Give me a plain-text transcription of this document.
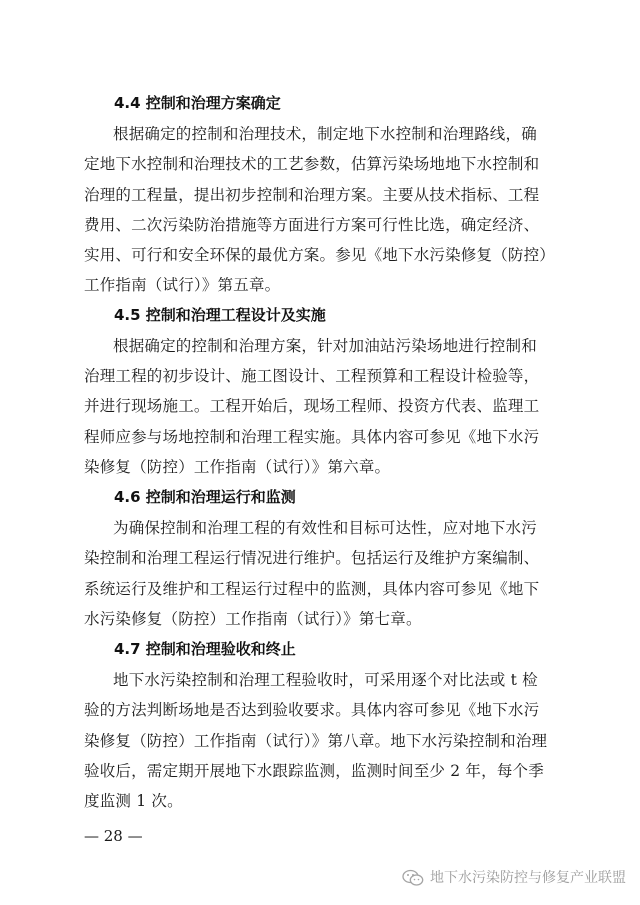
4.4 控制和治理方案确定
根据确定的控制和治理技术，制定地下水控制和治理路线，确
定地下水控制和治理技术的工艺参数，估算污染场地地下水控制和
治理的工程量，提出初步控制和治理方案。主要从技术指标、工程
费用、二次污染防治措施等方面进行方案可行性比选，确定经济、
实用、可行和安全环保的最优方案。参见《地下水污染修复（防控）
工作指南（试行）》第五章。
4.5 控制和治理工程设计及实施
根据确定的控制和治理方案，针对加油站污染场地进行控制和
治理工程的初步设计、施工图设计、工程预算和工程设计检验等，
并进行现场施工。工程开始后，现场工程师、投资方代表、监理工
程师应参与场地控制和治理工程实施。具体内容可参见《地下水污
染修复（防控）工作指南（试行）》第六章。
4.6 控制和治理运行和监测
为确保控制和治理工程的有效性和目标可达性，应对地下水污
染控制和治理工程运行情况进行维护。包括运行及维护方案编制、
系统运行及维护和工程运行过程中的监测，具体内容可参见《地下
水污染修复（防控）工作指南（试行）》第七章。
4.7 控制和治理验收和终止
地下水污染控制和治理工程验收时，可采用逐个对比法或 t 检
验的方法判断场地是否达到验收要求。具体内容可参见《地下水污
染修复（防控）工作指南（试行）》第八章。地下水污染控制和治理
验收后，需定期开展地下水跟踪监测，监测时间至少 2 年，每个季
度监测 1 次。
— 28 —
地下水污染防控与修复产业联盟
